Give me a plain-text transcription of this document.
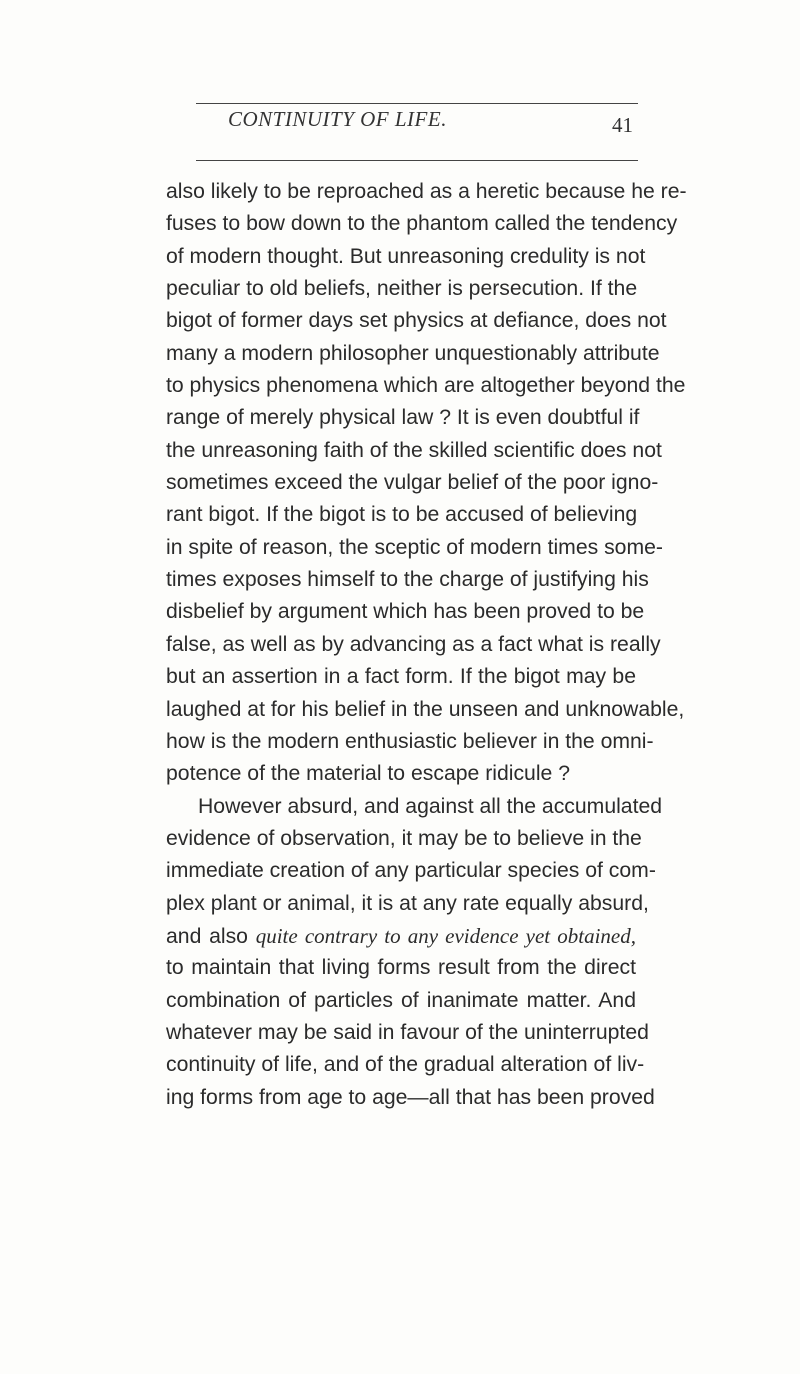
CONTINUITY OF LIFE.	41
also likely to be reproached as a heretic because he re-
fuses to bow down to the phantom called the tendency
of modern thought. But unreasoning credulity is not
peculiar to old beliefs, neither is persecution. If the
bigot of former days set physics at defiance, does not
many a modern philosopher unquestionably attribute
to physics phenomena which are altogether beyond the
range of merely physical law ? It is even doubtful if
the unreasoning faith of the skilled scientific does not
sometimes exceed the vulgar belief of the poor igno-
rant bigot. If the bigot is to be accused of believing
in spite of reason, the sceptic of modern times some-
times exposes himself to the charge of justifying his
disbelief by argument which has been proved to be
false, as well as by advancing as a fact what is really
but an assertion in a fact form. If the bigot may be
laughed at for his belief in the unseen and unknowable,
how is the modern enthusiastic believer in the omni-
potence of the material to escape ridicule ?
However absurd, and against all the accumulated
evidence of observation, it may be to believe in the
immediate creation of any particular species of com-
plex plant or animal, it is at any rate equally absurd,
and also quite contrary to any evidence yet obtained,
to maintain that living forms result from the direct
combination of particles of inanimate matter. And
whatever may be said in favour of the uninterrupted
continuity of life, and of the gradual alteration of liv-
ing forms from age to age—all that has been proved
